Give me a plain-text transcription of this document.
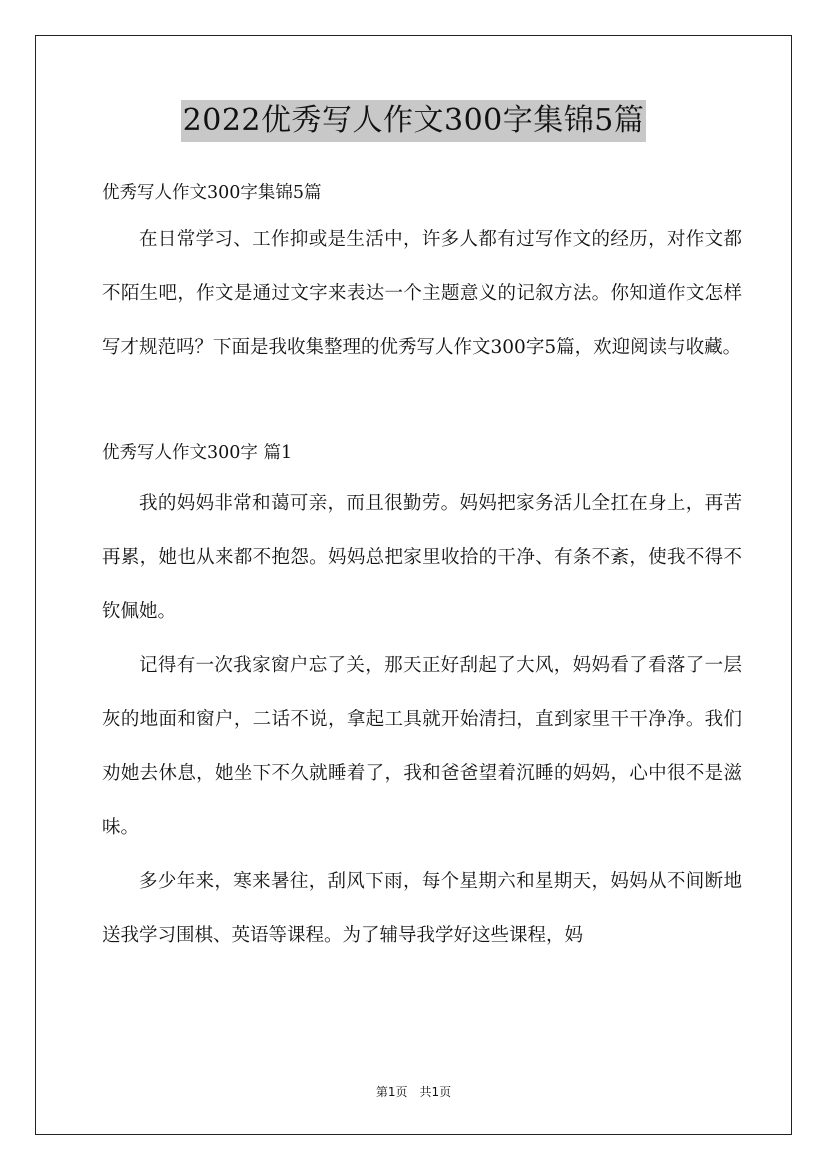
2022优秀写人作文300字集锦5篇

优秀写人作文300字集锦5篇

在日常学习、工作抑或是生活中，许多人都有过写作文的经历，对作文都不陌生吧，作文是通过文字来表达一个主题意义的记叙方法。你知道作文怎样写才规范吗？下面是我收集整理的优秀写人作文300字5篇，欢迎阅读与收藏。

优秀写人作文300字 篇1

我的妈妈非常和蔼可亲，而且很勤劳。妈妈把家务活儿全扛在身上，再苦再累，她也从来都不抱怨。妈妈总把家里收拾的干净、有条不紊，使我不得不钦佩她。

记得有一次我家窗户忘了关，那天正好刮起了大风，妈妈看了看落了一层灰的地面和窗户，二话不说，拿起工具就开始清扫，直到家里干干净净。我们劝她去休息，她坐下不久就睡着了，我和爸爸望着沉睡的妈妈，心中很不是滋味。

多少年来，寒来暑往，刮风下雨，每个星期六和星期天，妈妈从不间断地送我学习围棋、英语等课程。为了辅导我学好这些课程，妈

第1页　共1页
